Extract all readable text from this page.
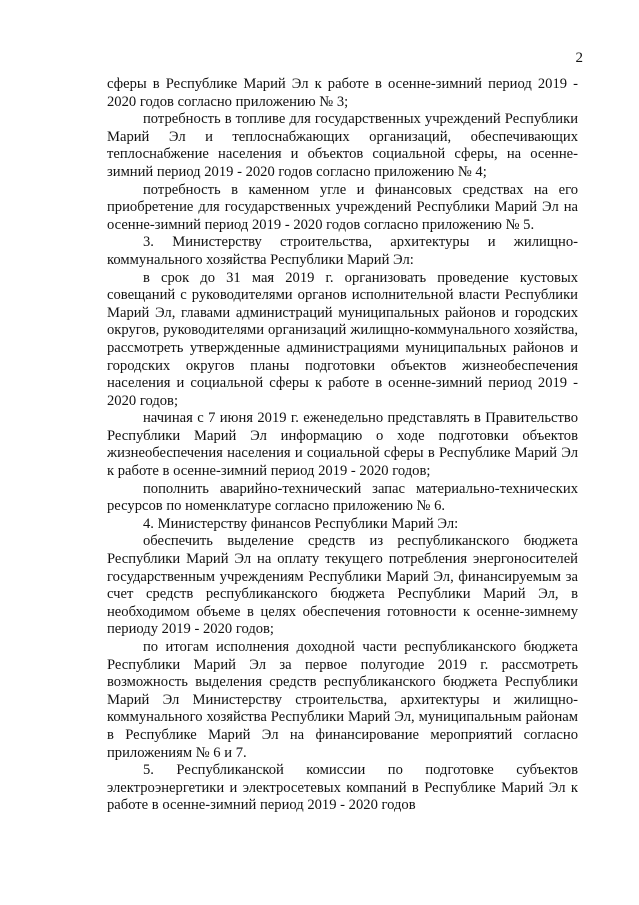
2

сферы в Республике Марий Эл к работе в осенне-зимний период 2019 - 2020 годов согласно приложению № 3;

потребность в топливе для государственных учреждений Республики Марий Эл и теплоснабжающих организаций, обеспечивающих теплоснабжение населения и объектов социальной сферы, на осенне-зимний период 2019 - 2020 годов согласно приложению № 4;

потребность в каменном угле и финансовых средствах на его приобретение для государственных учреждений Республики Марий Эл на осенне-зимний период 2019 - 2020 годов согласно приложению № 5.

3. Министерству строительства, архитектуры и жилищно-коммунального хозяйства Республики Марий Эл:

в срок до 31 мая 2019 г. организовать проведение кустовых совещаний с руководителями органов исполнительной власти Республики Марий Эл, главами администраций муниципальных районов и городских округов, руководителями организаций жилищно-коммунального хозяйства, рассмотреть утвержденные администрациями муниципальных районов и городских округов планы подготовки объектов жизнеобеспечения населения и социальной сферы к работе в осенне-зимний период 2019 - 2020 годов;

начиная с 7 июня 2019 г. еженедельно представлять в Правительство Республики Марий Эл информацию о ходе подготовки объектов жизнеобеспечения населения и социальной сферы в Республике Марий Эл к работе в осенне-зимний период 2019 - 2020 годов;

пополнить аварийно-технический запас материально-технических ресурсов по номенклатуре согласно приложению № 6.

4. Министерству финансов Республики Марий Эл:

обеспечить выделение средств из республиканского бюджета Республики Марий Эл на оплату текущего потребления энергоносителей государственным учреждениям Республики Марий Эл, финансируемым за счет средств республиканского бюджета Республики Марий Эл, в необходимом объеме в целях обеспечения готовности к осенне-зимнему периоду 2019 - 2020 годов;

по итогам исполнения доходной части республиканского бюджета Республики Марий Эл за первое полугодие 2019 г. рассмотреть возможность выделения средств республиканского бюджета Республики Марий Эл Министерству строительства, архитектуры и жилищно-коммунального хозяйства Республики Марий Эл, муниципальным районам в Республике Марий Эл на финансирование мероприятий согласно приложениям № 6 и 7.

5. Республиканской комиссии по подготовке субъектов электроэнергетики и электросетевых компаний в Республике Марий Эл к работе в осенне-зимний период 2019 - 2020 годов
